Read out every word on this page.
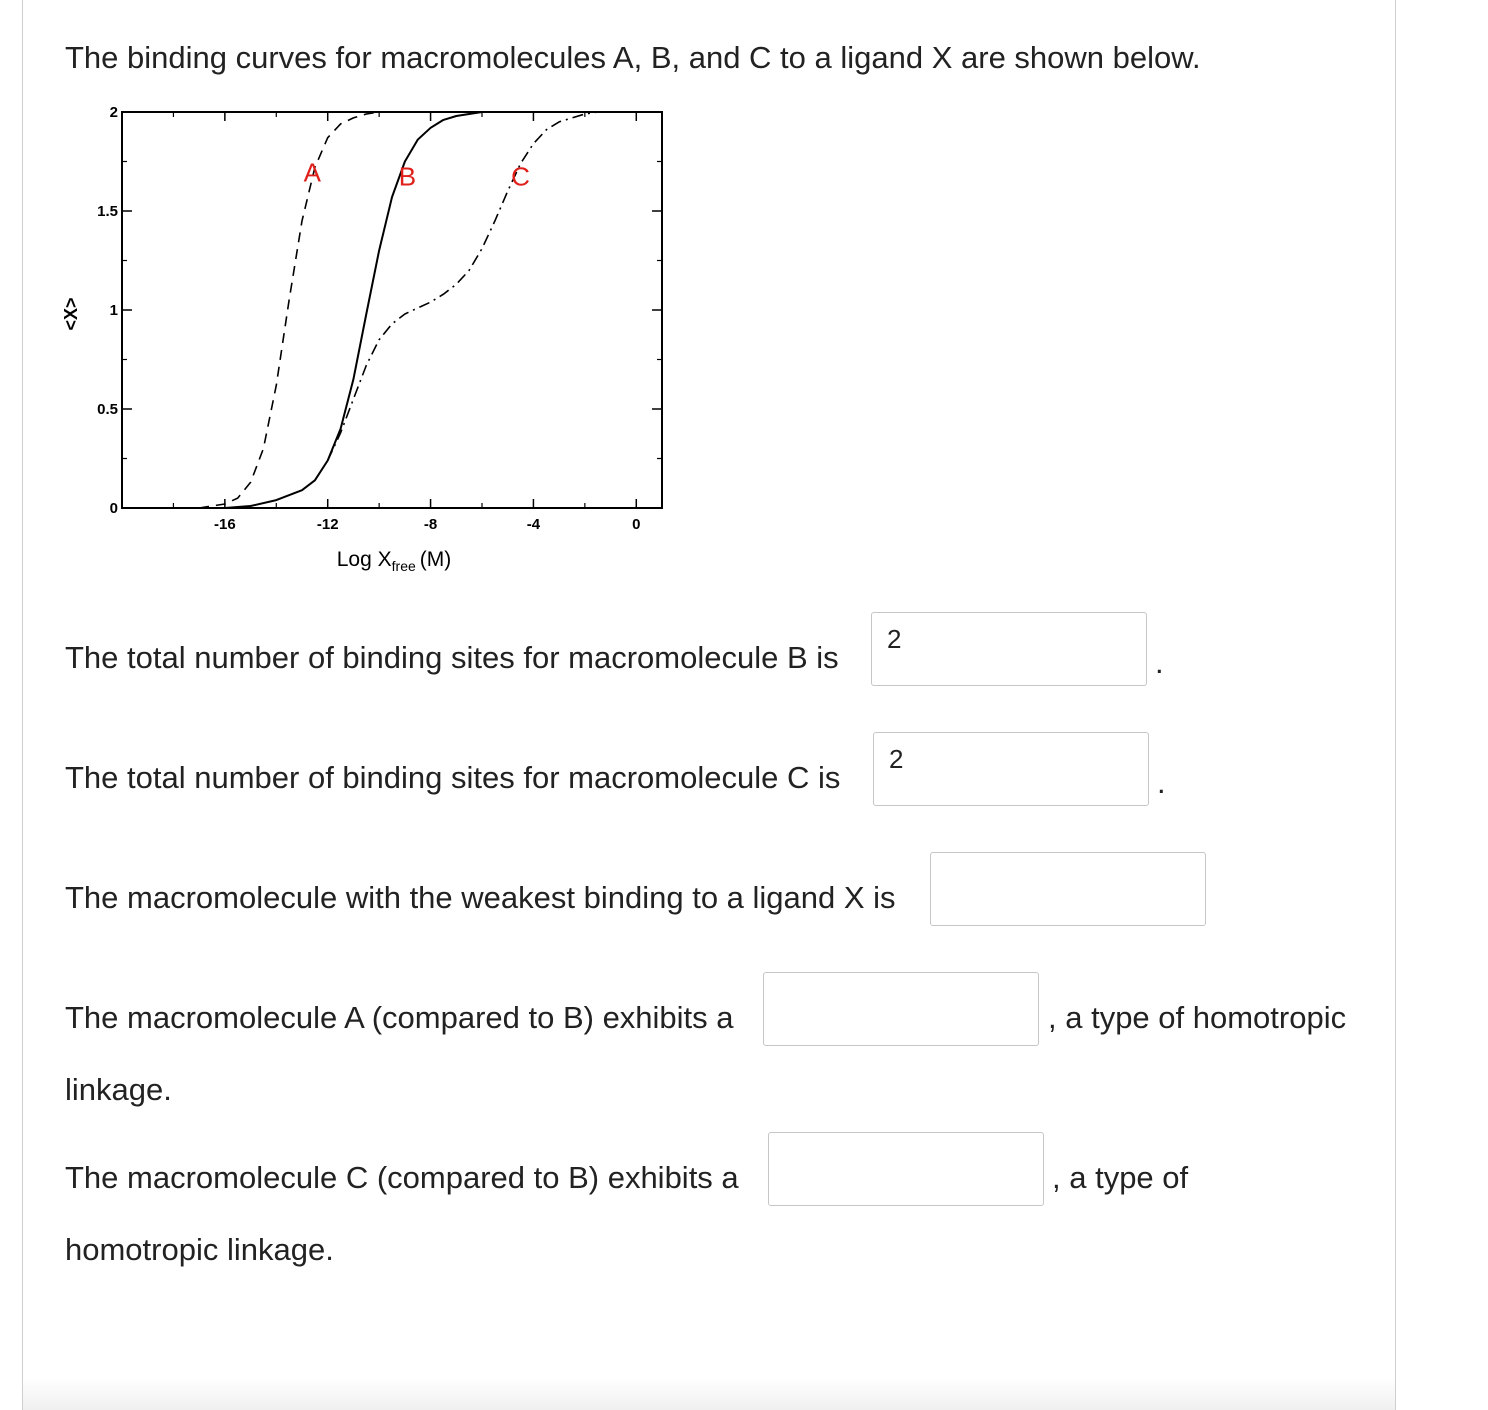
The binding curves for macromolecules A, B, and C to a ligand X are shown below.
-16	-12	-8	-4	0
0
0.5
1
1.5
2
A	B	C
Log $X_{free}$ (M)
<X>
The total number of binding sites for macromolecule B is
2
.
The total number of binding sites for macromolecule C is
2
.
The macromolecule with the weakest binding to a ligand X is
The macromolecule A (compared to B) exhibits a	, a type of homotropic
linkage.
The macromolecule C (compared to B) exhibits a	, a type of
homotropic linkage.
